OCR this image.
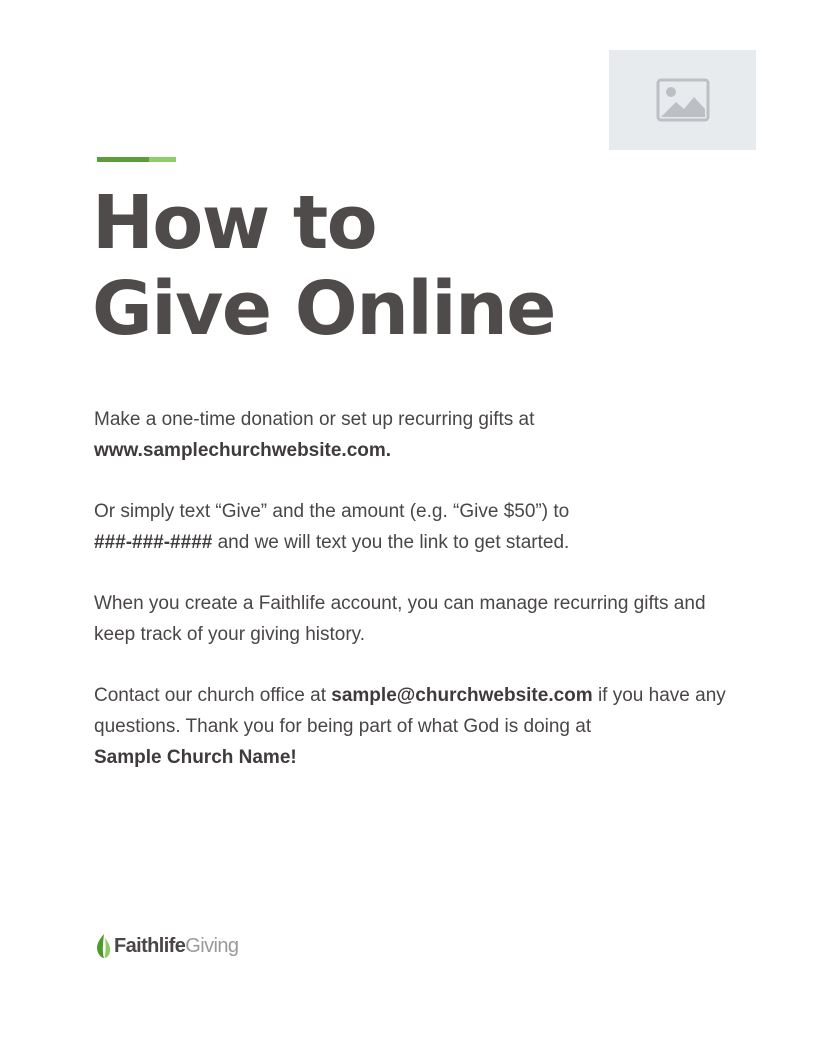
How to
Give Online

Make a one-time donation or set up recurring gifts at
www.samplechurchwebsite.com.

Or simply text “Give” and the amount (e.g. “Give $50”) to
###-###-#### and we will text you the link to get started.

When you create a Faithlife account, you can manage recurring gifts and keep track of your giving history.

Contact our church office at sample@churchwebsite.com if you have any questions. Thank you for being part of what God is doing at
Sample Church Name!

FaithlifeGiving
